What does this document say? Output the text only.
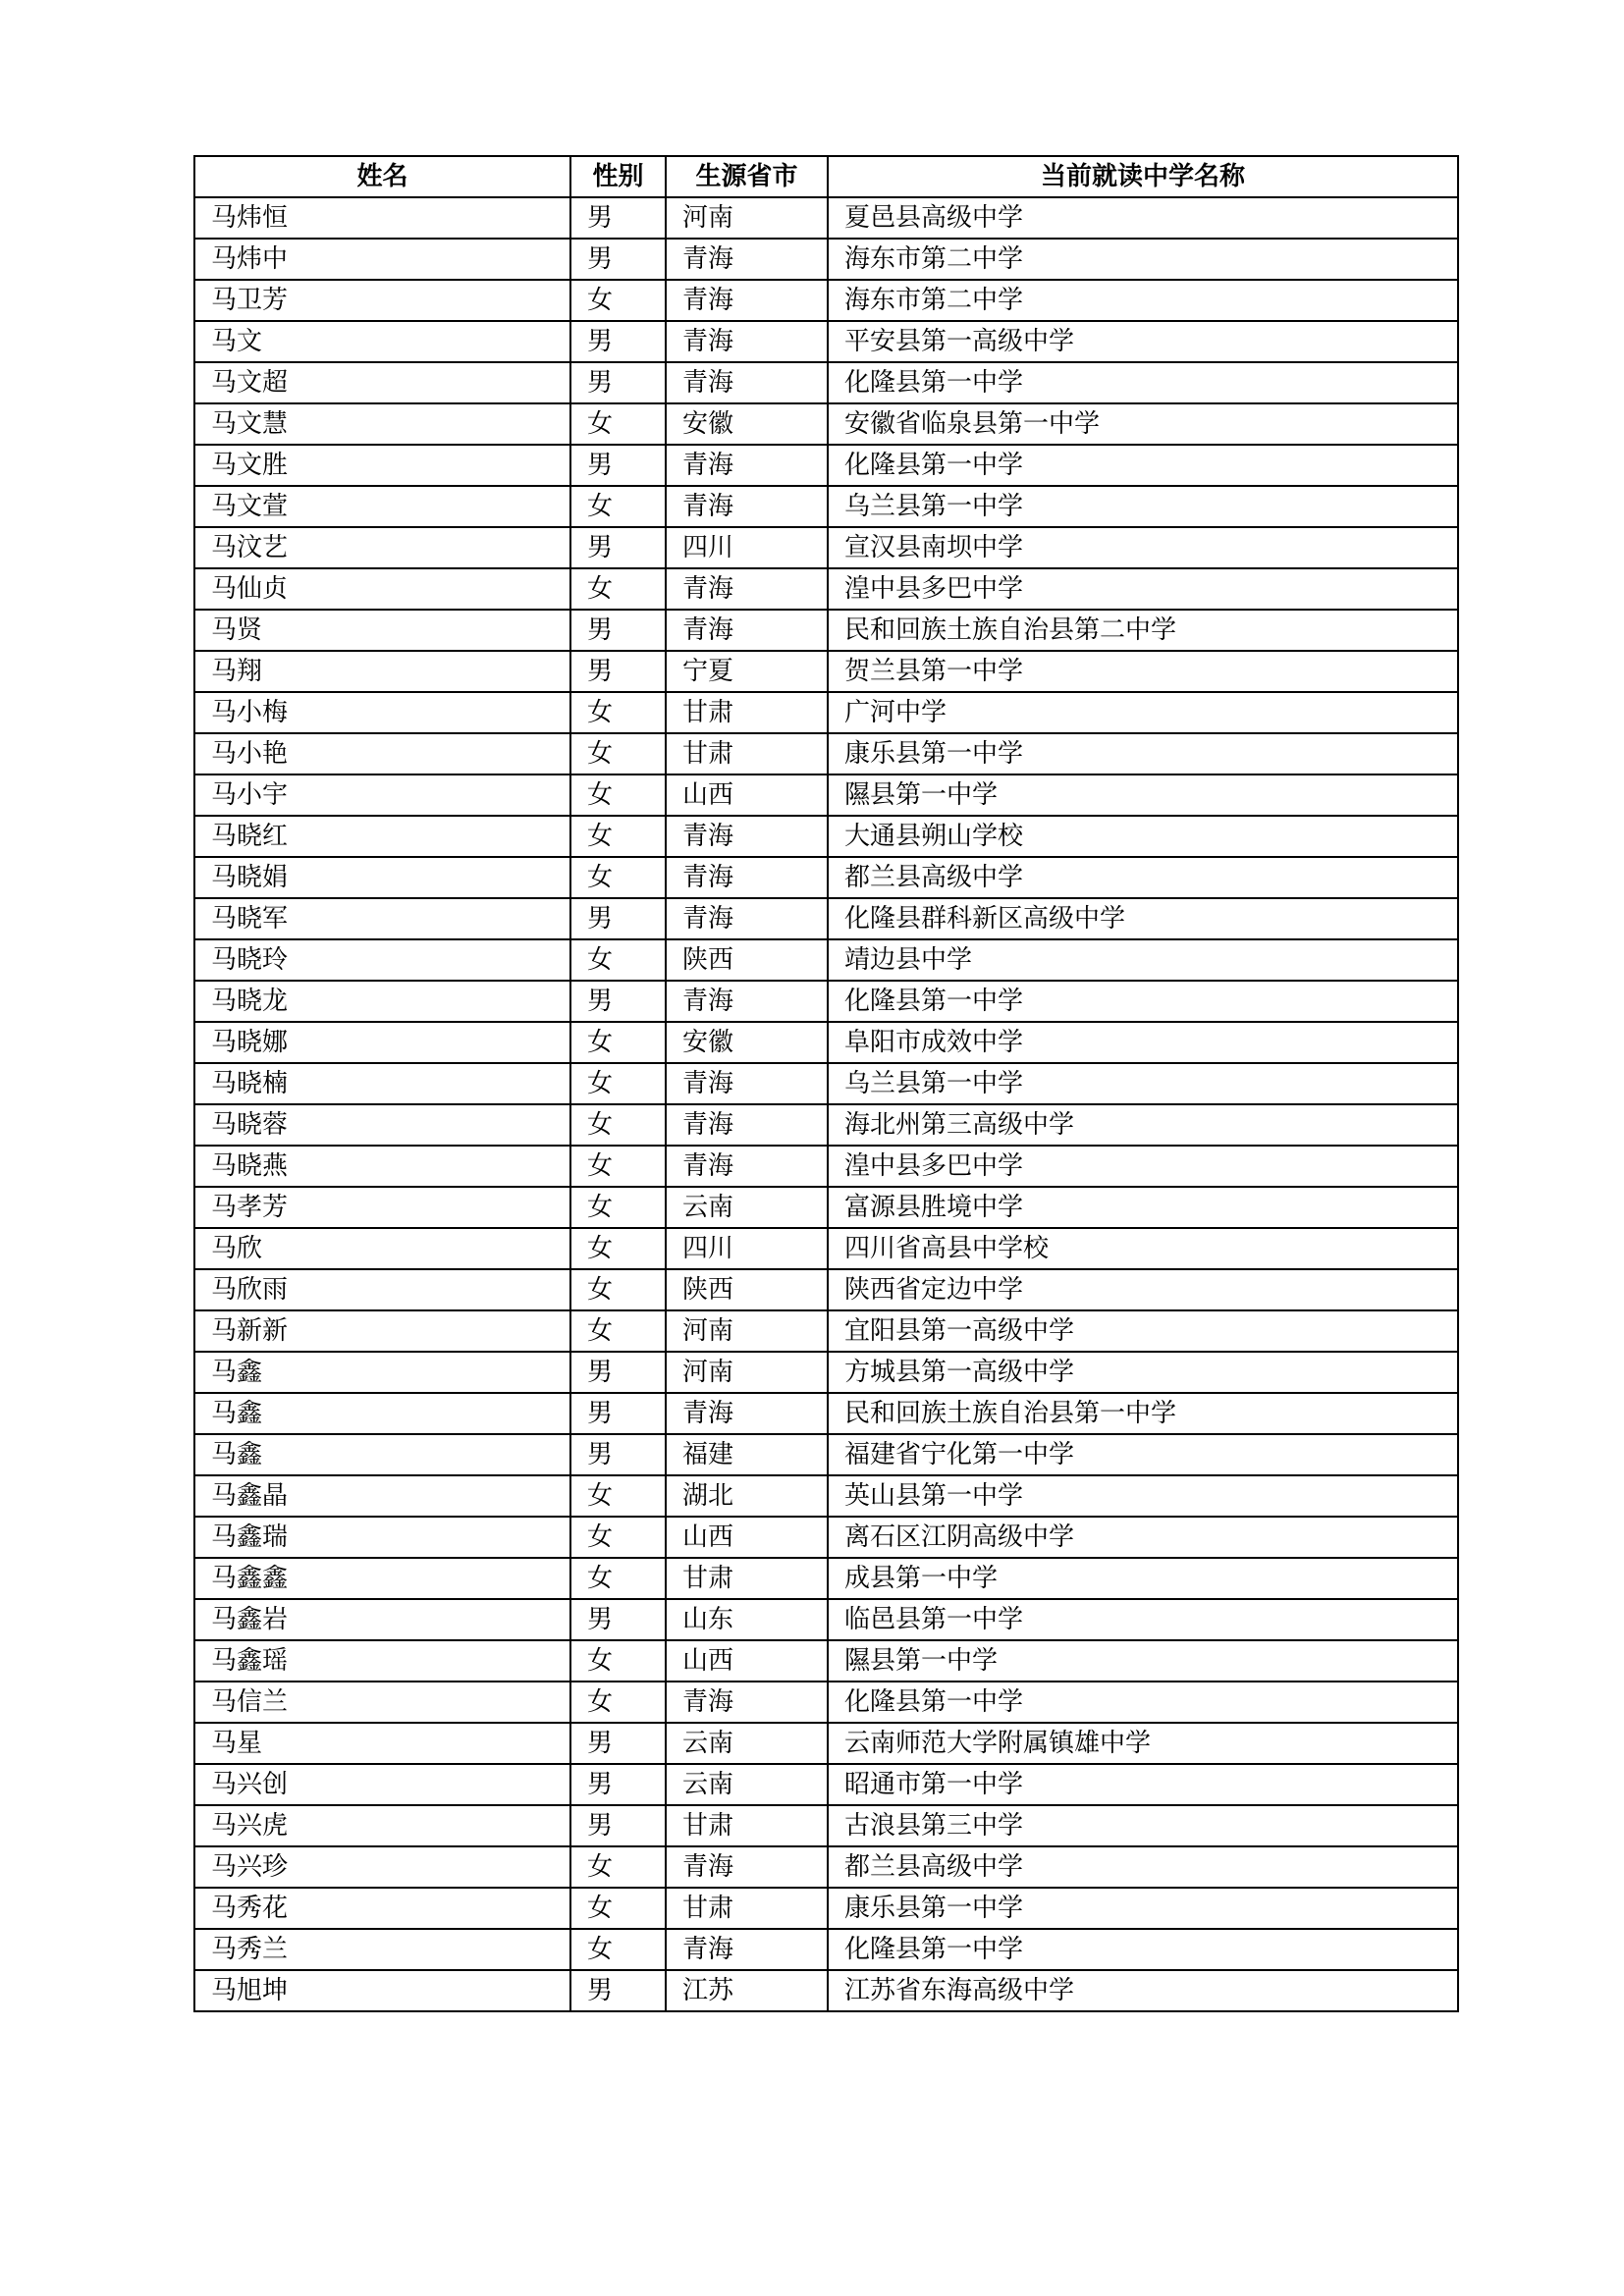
姓名	性别	生源省市	当前就读中学名称
马炜恒	男	河南	夏邑县高级中学
马炜中	男	青海	海东市第二中学
马卫芳	女	青海	海东市第二中学
马文	男	青海	平安县第一高级中学
马文超	男	青海	化隆县第一中学
马文慧	女	安徽	安徽省临泉县第一中学
马文胜	男	青海	化隆县第一中学
马文萱	女	青海	乌兰县第一中学
马汶艺	男	四川	宣汉县南坝中学
马仙贞	女	青海	湟中县多巴中学
马贤	男	青海	民和回族土族自治县第二中学
马翔	男	宁夏	贺兰县第一中学
马小梅	女	甘肃	广河中学
马小艳	女	甘肃	康乐县第一中学
马小宇	女	山西	隰县第一中学
马晓红	女	青海	大通县朔山学校
马晓娟	女	青海	都兰县高级中学
马晓军	男	青海	化隆县群科新区高级中学
马晓玲	女	陕西	靖边县中学
马晓龙	男	青海	化隆县第一中学
马晓娜	女	安徽	阜阳市成效中学
马晓楠	女	青海	乌兰县第一中学
马晓蓉	女	青海	海北州第三高级中学
马晓燕	女	青海	湟中县多巴中学
马孝芳	女	云南	富源县胜境中学
马欣	女	四川	四川省高县中学校
马欣雨	女	陕西	陕西省定边中学
马新新	女	河南	宜阳县第一高级中学
马鑫	男	河南	方城县第一高级中学
马鑫	男	青海	民和回族土族自治县第一中学
马鑫	男	福建	福建省宁化第一中学
马鑫晶	女	湖北	英山县第一中学
马鑫瑞	女	山西	离石区江阴高级中学
马鑫鑫	女	甘肃	成县第一中学
马鑫岩	男	山东	临邑县第一中学
马鑫瑶	女	山西	隰县第一中学
马信兰	女	青海	化隆县第一中学
马星	男	云南	云南师范大学附属镇雄中学
马兴创	男	云南	昭通市第一中学
马兴虎	男	甘肃	古浪县第三中学
马兴珍	女	青海	都兰县高级中学
马秀花	女	甘肃	康乐县第一中学
马秀兰	女	青海	化隆县第一中学
马旭坤	男	江苏	江苏省东海高级中学
